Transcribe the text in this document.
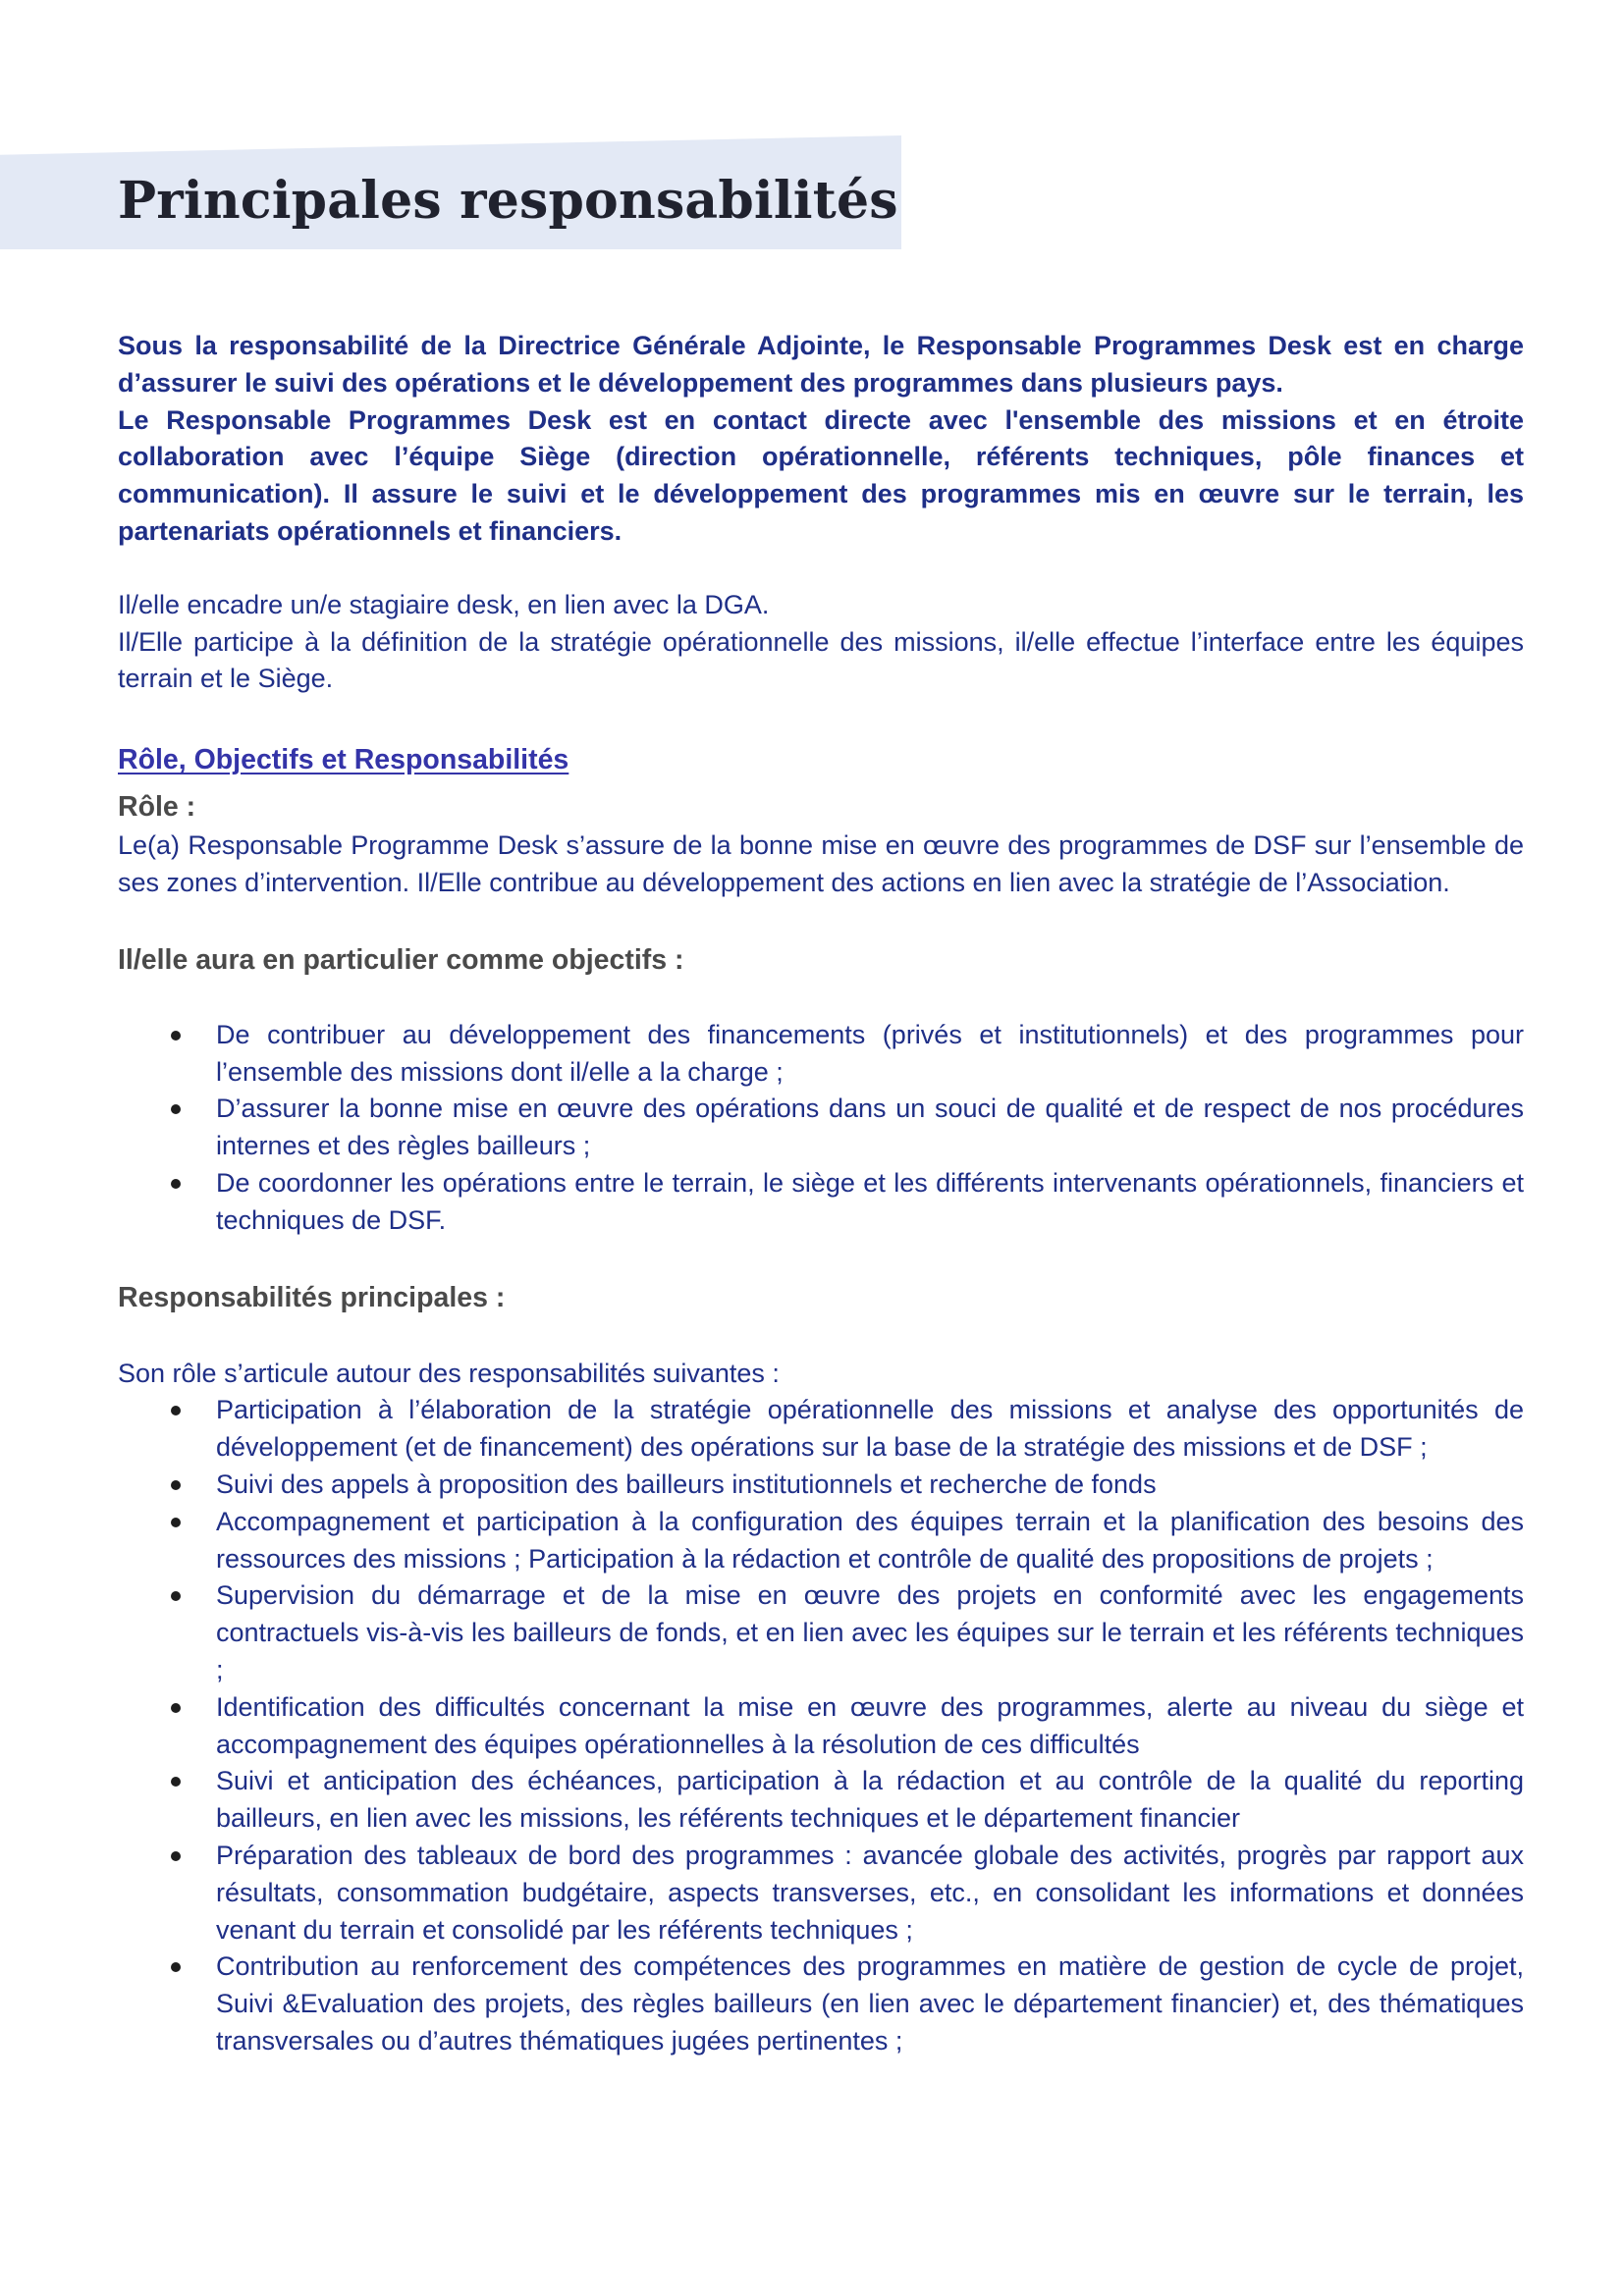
Principales responsabilités

Sous la responsabilité de la Directrice Générale Adjointe, le Responsable Programmes Desk est en charge d’assurer le suivi des opérations et le développement des programmes dans plusieurs pays.

Le Responsable Programmes Desk est en contact directe avec l'ensemble des missions et en étroite collaboration avec l’équipe Siège (direction opérationnelle, référents techniques, pôle finances et communication). Il assure le suivi et le développement des programmes mis en œuvre sur le terrain, les partenariats opérationnels et financiers.

Il/elle encadre un/e stagiaire desk, en lien avec la DGA.

Il/Elle participe à la définition de la stratégie opérationnelle des missions, il/elle effectue l’interface entre les équipes terrain et le Siège.

Rôle, Objectifs et Responsabilités

Rôle :

Le(a) Responsable Programme Desk s’assure de la bonne mise en œuvre des programmes de DSF sur l’ensemble de ses zones d’intervention. Il/Elle contribue au développement des actions en lien avec la stratégie de l’Association.

Il/elle aura en particulier comme objectifs :

De contribuer au développement des financements (privés et institutionnels) et des programmes pour l’ensemble des missions dont il/elle a la charge ;
D’assurer la bonne mise en œuvre des opérations dans un souci de qualité et de respect de nos procédures internes et des règles bailleurs ;
De coordonner les opérations entre le terrain, le siège et les différents intervenants opérationnels, financiers et techniques de DSF.

Responsabilités principales :

Son rôle s’articule autour des responsabilités suivantes :

Participation à l’élaboration de la stratégie opérationnelle des missions et analyse des opportunités de développement (et de financement) des opérations sur la base de la stratégie des missions et de DSF ;
Suivi des appels à proposition des bailleurs institutionnels et recherche de fonds
Accompagnement et participation à la configuration des équipes terrain et la planification des besoins des ressources des missions ; Participation à la rédaction et contrôle de qualité des propositions de projets ;
Supervision du démarrage et de la mise en œuvre des projets en conformité avec les engagements contractuels vis-à-vis les bailleurs de fonds, et en lien avec les équipes sur le terrain et les référents techniques ;
Identification des difficultés concernant la mise en œuvre des programmes, alerte au niveau du siège et accompagnement des équipes opérationnelles à la résolution de ces difficultés
Suivi et anticipation des échéances, participation à la rédaction et au contrôle de la qualité du reporting bailleurs, en lien avec les missions, les référents techniques et le département financier
Préparation des tableaux de bord des programmes : avancée globale des activités, progrès par rapport aux résultats, consommation budgétaire, aspects transverses, etc., en consolidant les informations et données venant du terrain et consolidé par les référents techniques ;
Contribution au renforcement des compétences des programmes en matière de gestion de cycle de projet, Suivi &Evaluation des projets, des règles bailleurs (en lien avec le département financier) et, des thématiques transversales ou d’autres thématiques jugées pertinentes ;
